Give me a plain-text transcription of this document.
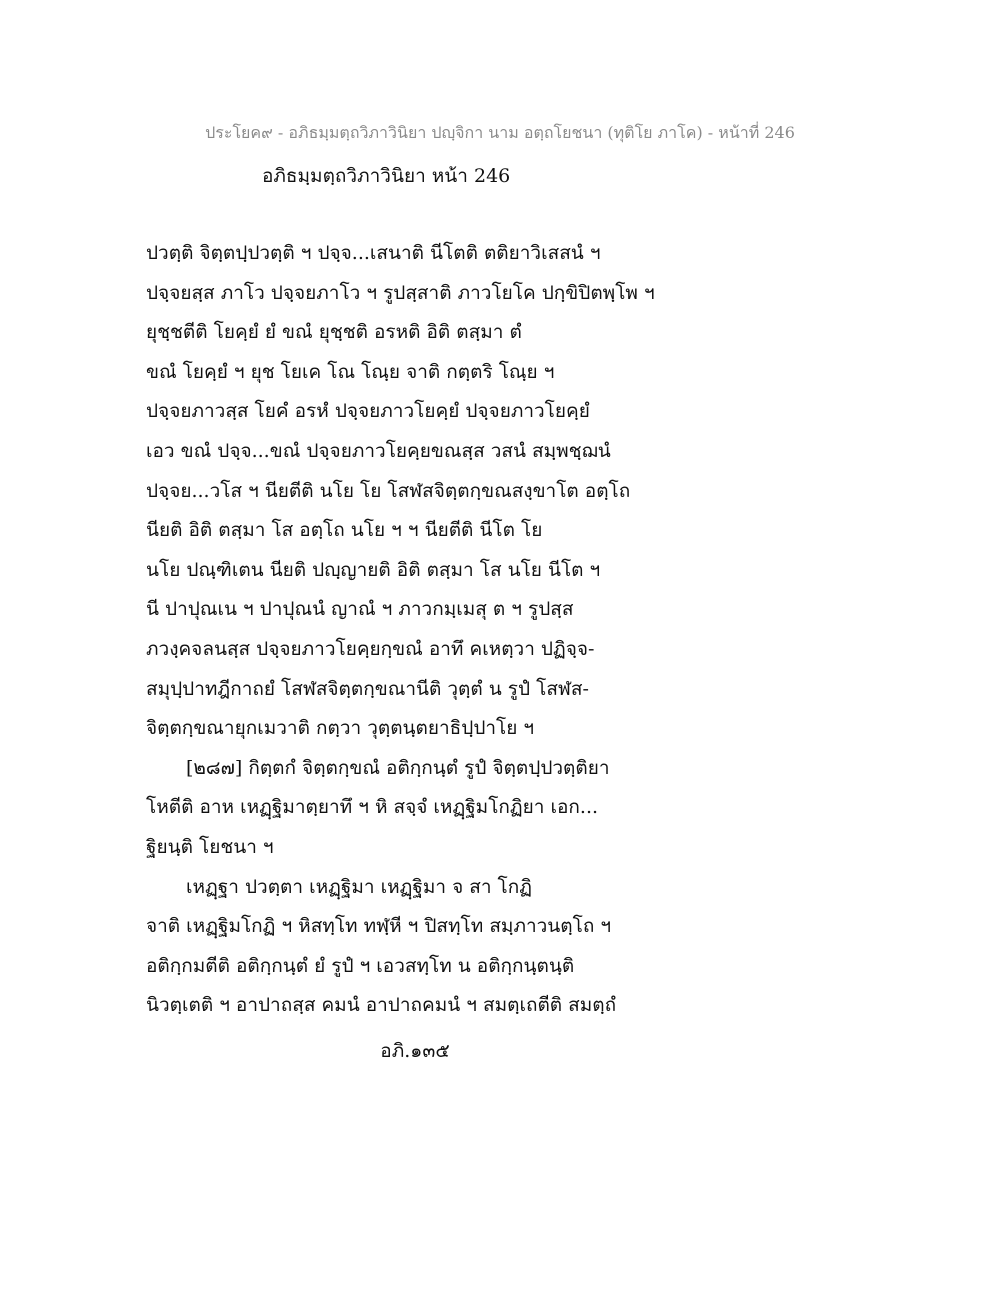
ประโยค๙ - อภิธมฺมตฺถวิภาวินิยา ปญฺจิกา นาม อตฺถโยชนา (ทุติโย ภาโค) - หน้าที่ 246
อภิธมฺมตฺถวิภาวินิยา หน้า 246
ปวตฺติ จิตฺตปฺปวตฺติ ฯ ปจฺจ...เสนาติ นีโตติ ตติยาวิเสสนํ ฯ
ปจฺจยสฺส ภาโว ปจฺจยภาโว ฯ รูปสฺสาติ ภาวโยโค ปกฺขิปิตพฺโพ ฯ
ยุชฺชตีติ โยคฺยํ ยํ ขณํ ยุชฺชติ อรหติ อิติ ตสฺมา ตํ
ขณํ โยคฺยํ ฯ ยุช โยเค โณ โณฺย จาติ กตฺตริ โณฺย ฯ
ปจฺจยภาวสฺส โยคํ อรหํ ปจฺจยภาวโยคฺยํ ปจฺจยภาวโยคฺยํ
เอว ขณํ ปจฺจ...ขณํ ปจฺจยภาวโยคฺยขณสฺส วสนํ สมฺพชฺฌนํ
ปจฺจย...วโส ฯ นียตีติ นโย โย โสฬสจิตฺตกฺขณสงฺขาโต อตฺโถ
นียติ อิติ ตสฺมา โส อตฺโถ นโย ฯ ฯ นียตีติ นีโต โย
นโย ปณฺฑิเตน นียติ ปญฺญายติ อิติ ตสฺมา โส นโย นีโต ฯ
นี ปาปุณเน ฯ ปาปุณนํ ญาณํ ฯ ภาวกมฺเมสุ ต ฯ รูปสฺส
ภวงฺคจลนสฺส ปจฺจยภาวโยคฺยกฺขณํ อาทึ คเหตฺวา ปฏิจฺจ-
สมุปฺปาทฎีกาถยํ โสฬสจิตฺตกฺขณานีติ วุตฺตํ น รูปํ โสฬส-
จิตฺตกฺขณายุกเมวาติ กตฺวา วุตฺตนฺตยาธิปฺปาโย ฯ
[๒๘๗] กิตฺตกํ จิตฺตกฺขณํ อติกฺกนฺตํ รูปํ จิตฺตปฺปวตฺติยา
โหตีติ อาห เหฏฺฐิมาตฺยาทึ ฯ หิ สจฺจํ เหฏฺฐิมโกฏิยา เอก...
ฐิยนฺติ โยชนา ฯ
เหฏฺฐา ปวตฺตา เหฏฺฐิมา เหฏฺฐิมา จ สา โกฏิ
จาติ เหฏฺฐิมโกฏิ ฯ หิสทฺโท ทฬฺหี ฯ ปิสทฺโท สมฺภาวนตฺโถ ฯ
อติกฺกมตีติ อติกฺกนฺตํ ยํ รูปํ ฯ เอวสทฺโท น อติกฺกนฺตนฺติ
นิวตฺเตติ ฯ อาปาถสฺส คมนํ อาปาถคมนํ ฯ สมตฺเถตีติ สมตฺถํ
อภิ.๑๓๕
